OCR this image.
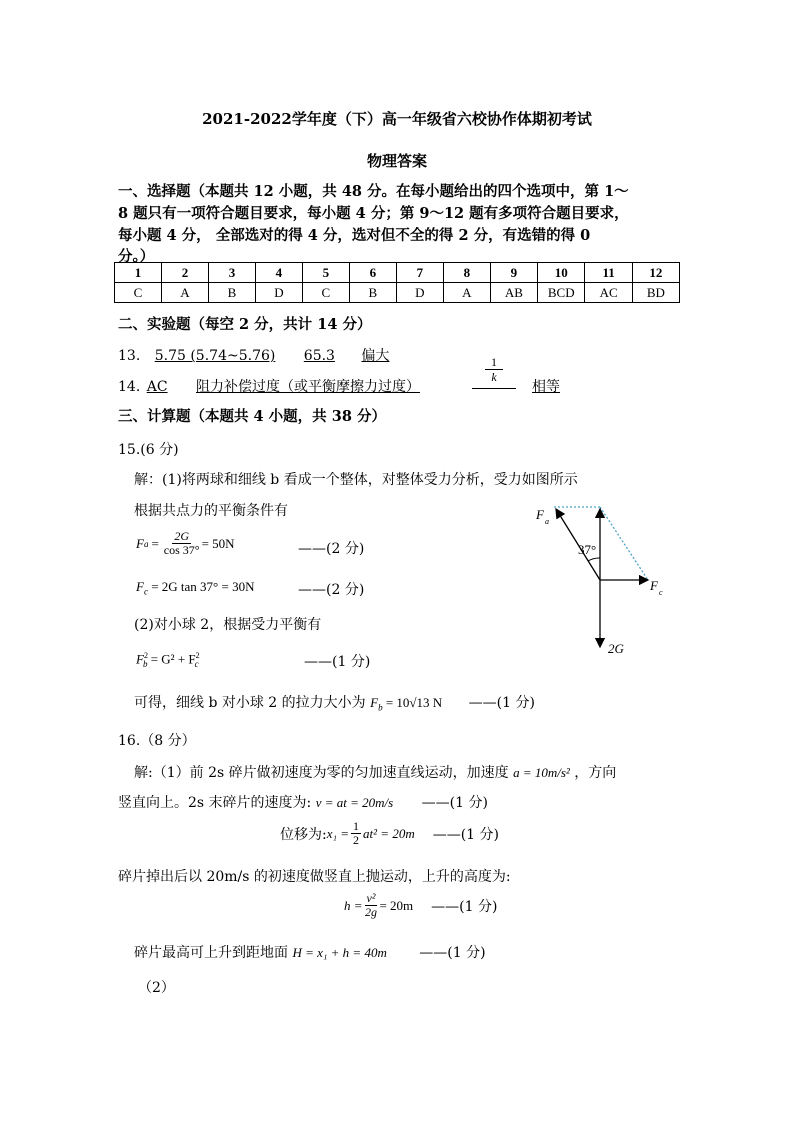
2021-2022学年度（下）高一年级省六校协作体期初考试
物理答案
一、选择题（本题共 12 小题，共 48 分。在每小题给出的四个选项中，第 1～
8 题只有一项符合题目要求，每小题 4 分；第 9～12 题有多项符合题目要求，
每小题 4 分， 全部选对的得 4 分，选对但不全的得 2 分，有选错的得 0
分。）
1	2	3	4	5	6	7	8	9	10	11	12
C	A	B	D	C	B	D	A	AB	BCD	AC	BD
二、实验题（每空 2 分，共计 14 分）
13. 5.75 (5.74~5.76) 65.3 偏大
14. AC 阻力补偿过度（或平衡摩擦力过度）	$\frac{1}{k}$ 相等
三、计算题（本题共 4 小题，共 38 分）
15.(6 分)
解：(1)将两球和细线 b 看成一个整体，对整体受力分析，受力如图所示
根据共点力的平衡条件有
F $a = \frac{2G}{\cos 37^\circ} = 50N$	——(2 分)
$F_c = 2G$ tan 37° = 30N	——(2 分)
(2)对小球 2，根据受力平衡有
$F^2_b = G^2 + F^2_c$	——(1 分)
可得，细线 b 对小球 2 的拉力大小为 $F_b = 10√13$ N ——(1 分)
37°
F a
F c
2G
16.（8 分）
解:（1）前 2s 碎片做初速度为零的匀加速直线运动，加速度 a = 10m/s² ，方向
竖直向上。2s 末碎片的速度为: v = at = 20m/s ——(1 分)
位移为: $x_1 = \frac{1}{2} at^2 = 20m$ ——(1 分)
碎片掉出后以 20m/s 的初速度做竖直上抛运动，上升的高度为:
$h = \frac{\text{v²}}{2g} = 20m$ ——(1 分)
碎片最高可上升到距地面 H = x₁ + h = 40m ——(1 分)
（2）
